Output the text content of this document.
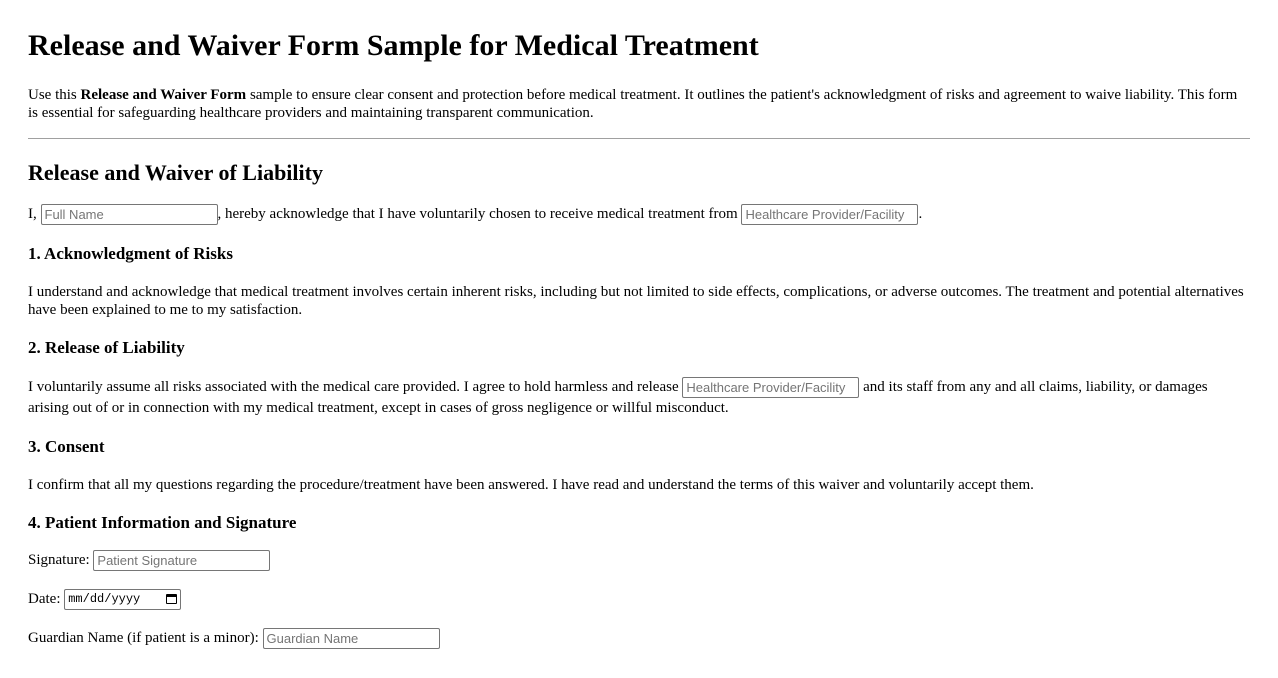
Release and Waiver Form Sample for Medical Treatment

Use this Release and Waiver Form sample to ensure clear consent and protection before medical treatment. It outlines the patient's acknowledgment of risks and agreement to waive liability. This form is essential for safeguarding healthcare providers and maintaining transparent communication.

Release and Waiver of Liability

I, Full Name	, hereby acknowledge that I have voluntarily chosen to receive medical treatment from Healthcare Provider/Facility	.

1. Acknowledgment of Risks

I understand and acknowledge that medical treatment involves certain inherent risks, including but not limited to side effects, complications, or adverse outcomes. The treatment and potential alternatives have been explained to me to my satisfaction.

2. Release of Liability

I voluntarily assume all risks associated with the medical care provided. I agree to hold harmless and release Healthcare Provider/Facility	and its staff from any and all claims, liability, or damages arising out of or in connection with my medical treatment, except in cases of gross negligence or willful misconduct.

3. Consent

I confirm that all my questions regarding the procedure/treatment have been answered. I have read and understand the terms of this waiver and voluntarily accept them.

4. Patient Information and Signature

Signature: Patient Signature

Date: mm/dd/yyyy

Guardian Name (if patient is a minor): Guardian Name
